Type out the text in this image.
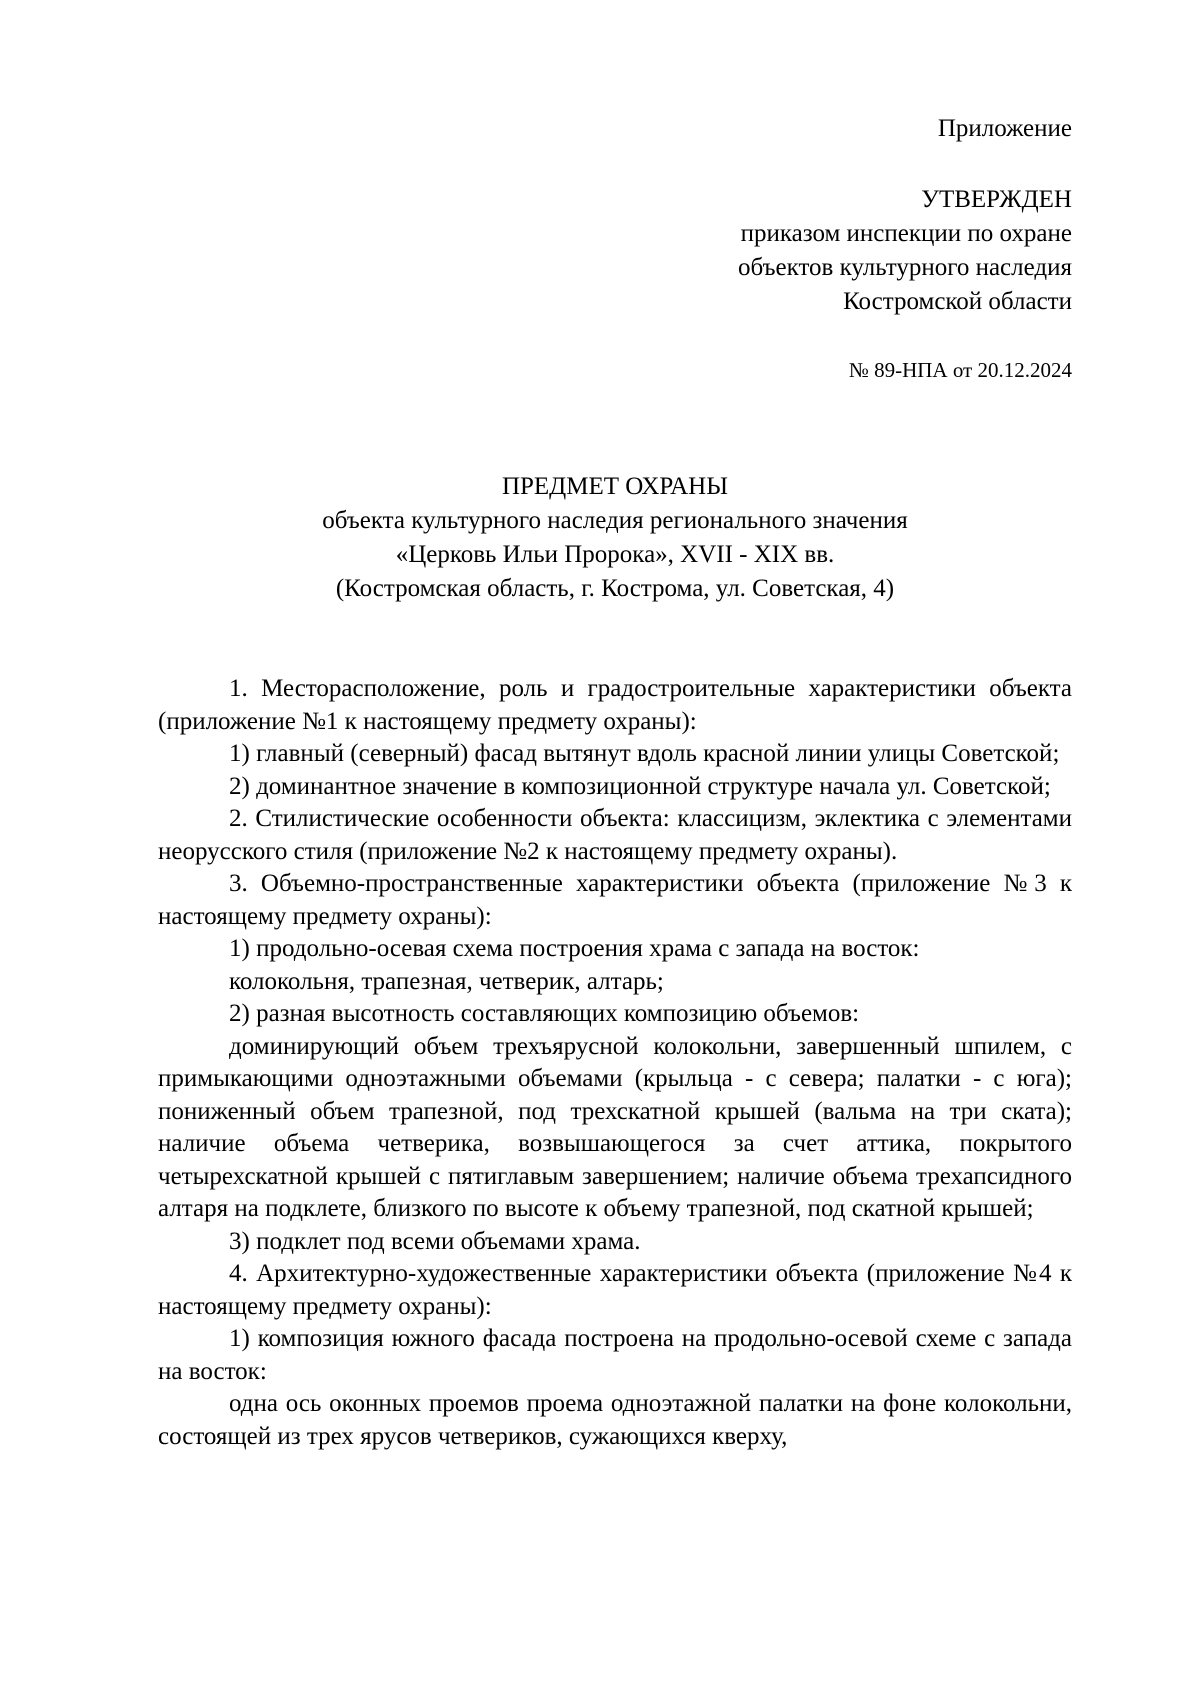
Приложение
УТВЕРЖДЕН
приказом инспекции по охране
объектов культурного наследия
Костромской области
№ 89-НПА от 20.12.2024
ПРЕДМЕТ ОХРАНЫ
объекта культурного наследия регионального значения
«Церковь Ильи Пророка», XVII - XIX вв.
(Костромская область, г. Кострома, ул. Советская, 4)

1. Месторасположение, роль и градостроительные характеристики объекта (приложение №1 к настоящему предмету охраны):

1) главный (северный) фасад вытянут вдоль красной линии улицы Советской;

2) доминантное значение в композиционной структуре начала ул. Советской;

2. Стилистические особенности объекта: классицизм, эклектика с элементами неорусского стиля (приложение №2 к настоящему предмету охраны).

3. Объемно-пространственные характеристики объекта (приложение №3 к настоящему предмету охраны):

1) продольно-осевая схема построения храма с запада на восток:

колокольня, трапезная, четверик, алтарь;

2) разная высотность составляющих композицию объемов:

доминирующий объем трехъярусной колокольни, завершенный шпилем, с примыкающими одноэтажными объемами (крыльца - с севера; палатки - с юга); пониженный объем трапезной, под трехскатной крышей (вальма на три ската); наличие объема четверика, возвышающегося за счет аттика, покрытого четырехскатной крышей с пятиглавым завершением; наличие объема трехапсидного алтаря на подклете, близкого по высоте к объему трапезной, под скатной крышей;

3) подклет под всеми объемами храма.

4. Архитектурно-художественные характеристики объекта (приложение №4 к настоящему предмету охраны):

1) композиция южного фасада построена на продольно-осевой схеме с запада на восток:

одна ось оконных проемов проема одноэтажной палатки на фоне колокольни, состоящей из трех ярусов четвериков, сужающихся кверху,
